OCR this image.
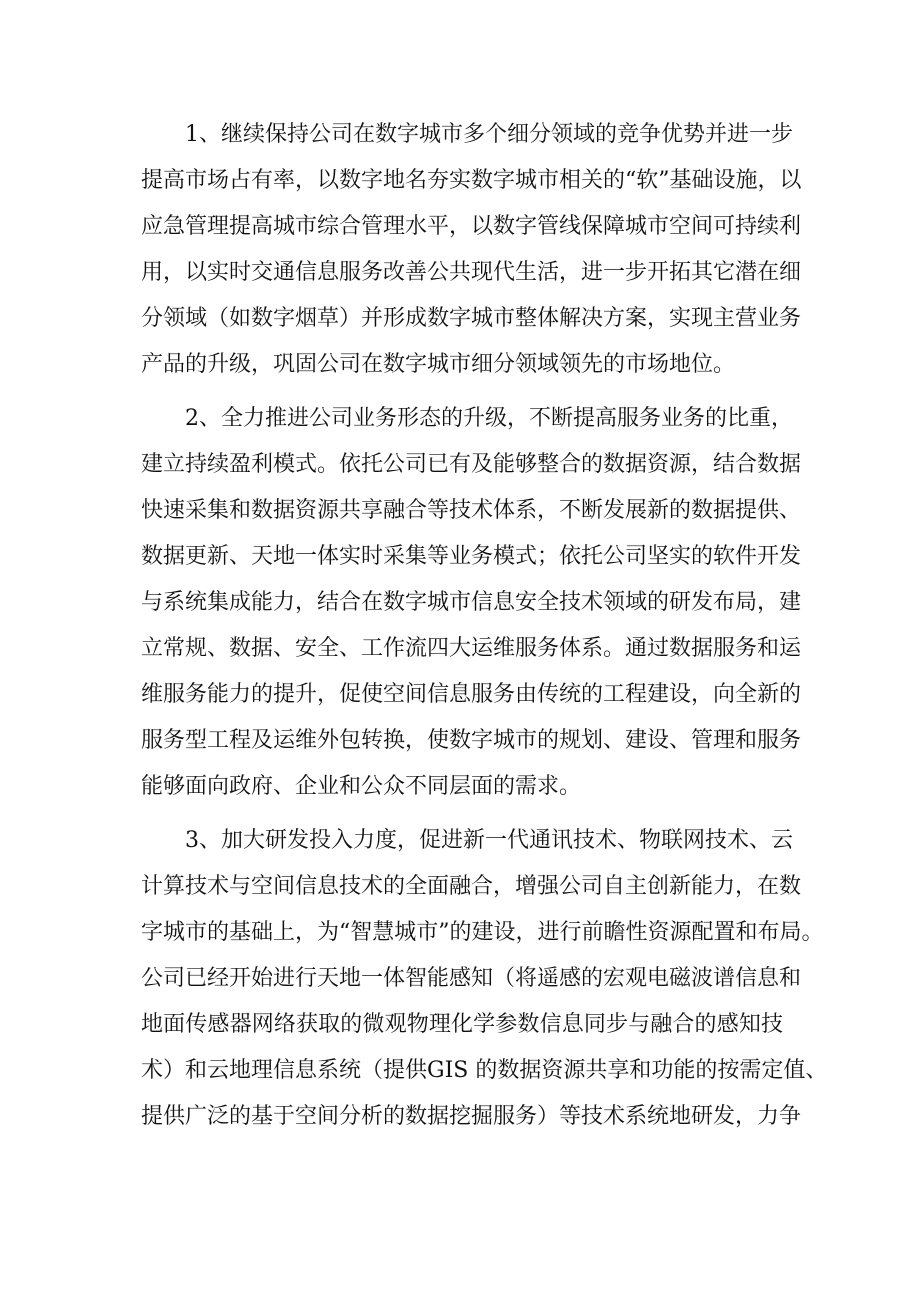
1、继续保持公司在数字城市多个细分领域的竞争优势并进一步
提高市场占有率，以数字地名夯实数字城市相关的“软”基础设施，以
应急管理提高城市综合管理水平，以数字管线保障城市空间可持续利
用，以实时交通信息服务改善公共现代生活，进一步开拓其它潜在细
分领域（如数字烟草）并形成数字城市整体解决方案，实现主营业务
产品的升级，巩固公司在数字城市细分领域领先的市场地位。
2、全力推进公司业务形态的升级，不断提高服务业务的比重，
建立持续盈利模式。依托公司已有及能够整合的数据资源，结合数据
快速采集和数据资源共享融合等技术体系，不断发展新的数据提供、
数据更新、天地一体实时采集等业务模式；依托公司坚实的软件开发
与系统集成能力，结合在数字城市信息安全技术领域的研发布局，建
立常规、数据、安全、工作流四大运维服务体系。通过数据服务和运
维服务能力的提升，促使空间信息服务由传统的工程建设，向全新的
服务型工程及运维外包转换，使数字城市的规划、建设、管理和服务
能够面向政府、企业和公众不同层面的需求。
3、加大研发投入力度，促进新一代通讯技术、物联网技术、云
计算技术与空间信息技术的全面融合，增强公司自主创新能力，在数
字城市的基础上，为“智慧城市”的建设，进行前瞻性资源配置和布局。
公司已经开始进行天地一体智能感知（将遥感的宏观电磁波谱信息和
地面传感器网络获取的微观物理化学参数信息同步与融合的感知技
术）和云地理信息系统（提供GIS 的数据资源共享和功能的按需定值、
提供广泛的基于空间分析的数据挖掘服务）等技术系统地研发，力争
